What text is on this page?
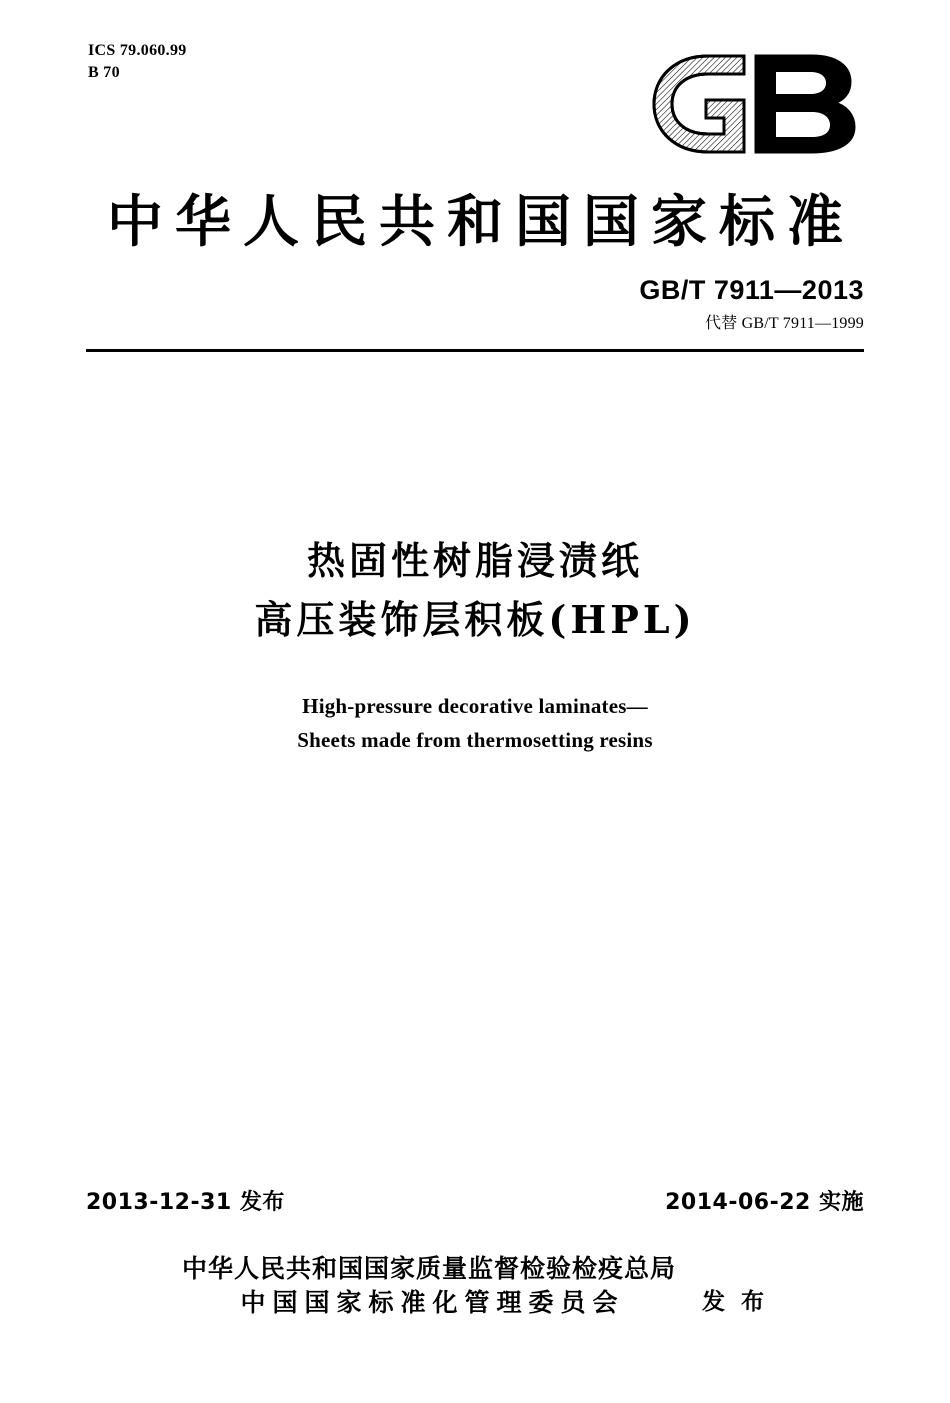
ICS 79.060.99
B 70
中华人民共和国国家标准
GB/T 7911—2013
代替 GB/T 7911—1999
热固性树脂浸渍纸
高压装饰层积板(HPL)
High-pressure decorative laminates—
Sheets made from thermosetting resins
2013-12-31 发布	2014-06-22 实施
中华人民共和国国家质量监督检验检疫总局
中国国家标准化管理委员会	发 布
